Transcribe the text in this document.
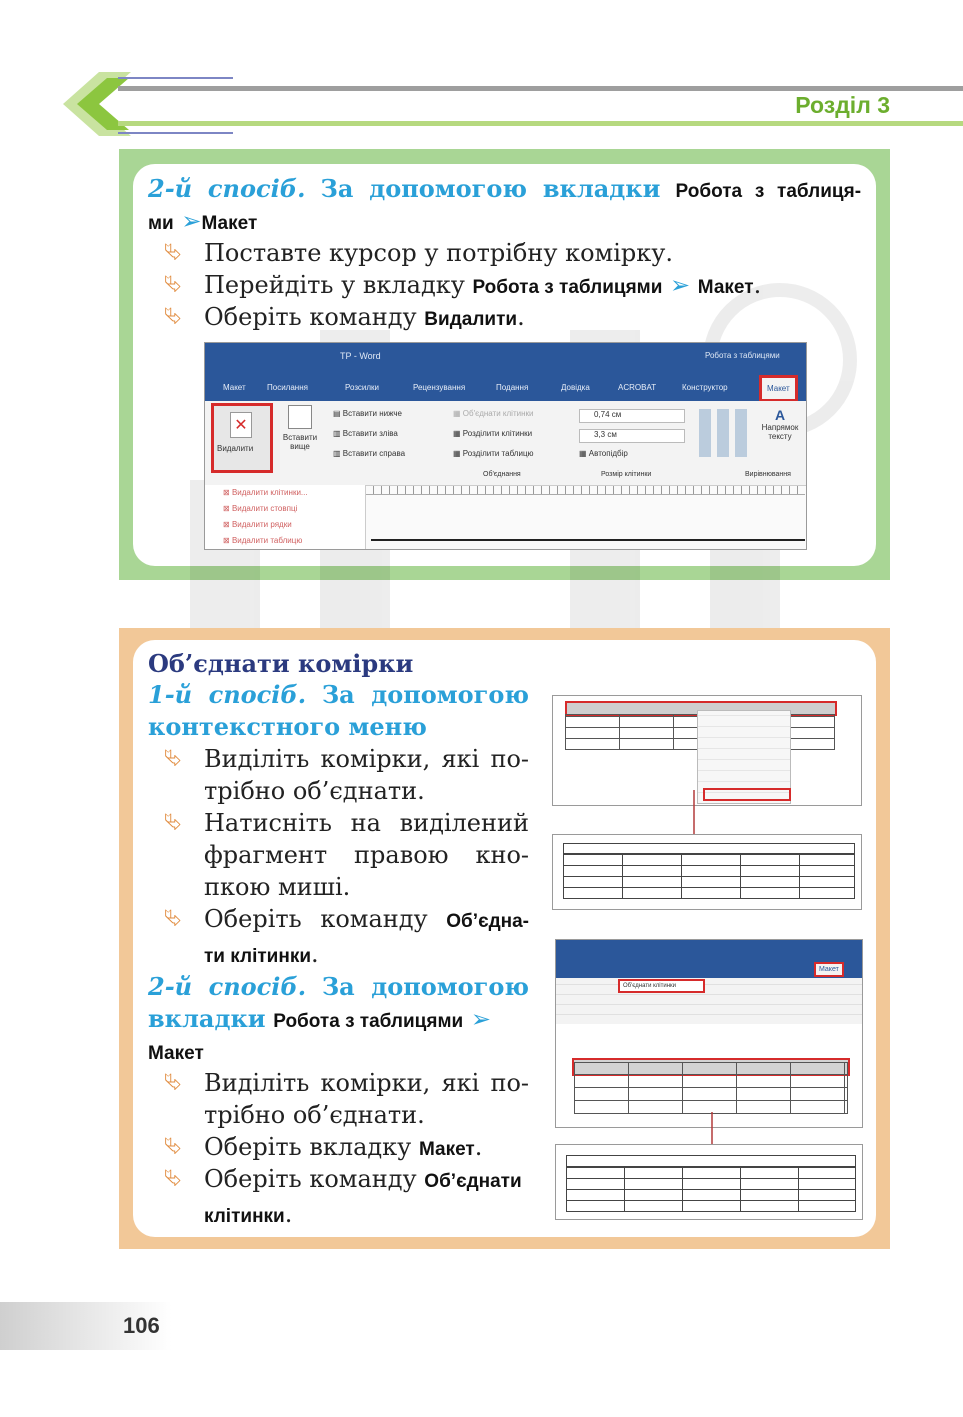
Розділ 3
2-й спосіб. За допомогою вкладки Робота з таблиця-
ми ➢Макет
⮱ Поставте курсор у потрібну комірку.
⮱ Перейдіть у вкладку Робота з таблицями ➢ Макет.
⮱ Оберіть команду Видалити.
TP - Word	Робота з таблицями
Макет	Посилання	Розсилки	Рецензування	Подання	Довідка	ACROBAT	Конструктор	Макет
✕
Видалити
Вставити вище
▤ Вставити нижче
▥ Вставити зліва
▥ Вставити справа
▦ Об'єднати клітинки
▦ Розділити клітинки
▦ Розділити таблицю
Об'єднання
0,74 см
3,3 см
▦ Автопідбір
Розмір клітинки
A
Напрямок тексту
Вирівнювання
⊠ Видалити клітинки...
⊠ Видалити стовпці
⊠ Видалити рядки
⊠ Видалити таблицю
Об’єднати комірки
1-й спосіб. За допомогою
контекстного меню
⮱ Виділіть комірки, які по-
трібно об’єднати.
⮱ Натисніть на виділений
фрагмент правою кно-
пкою миші.
⮱ Оберіть команду Об’єдна-
ти клітинки.
2-й спосіб. За допомогою
вкладки Робота з таблицями ➢
Макет
⮱ Виділіть комірки, які по-
трібно об’єднати.
⮱ Оберіть вкладку Макет.
⮱ Оберіть команду Об’єднати
клітинки.
Макет
Об'єднати клітинки
106
